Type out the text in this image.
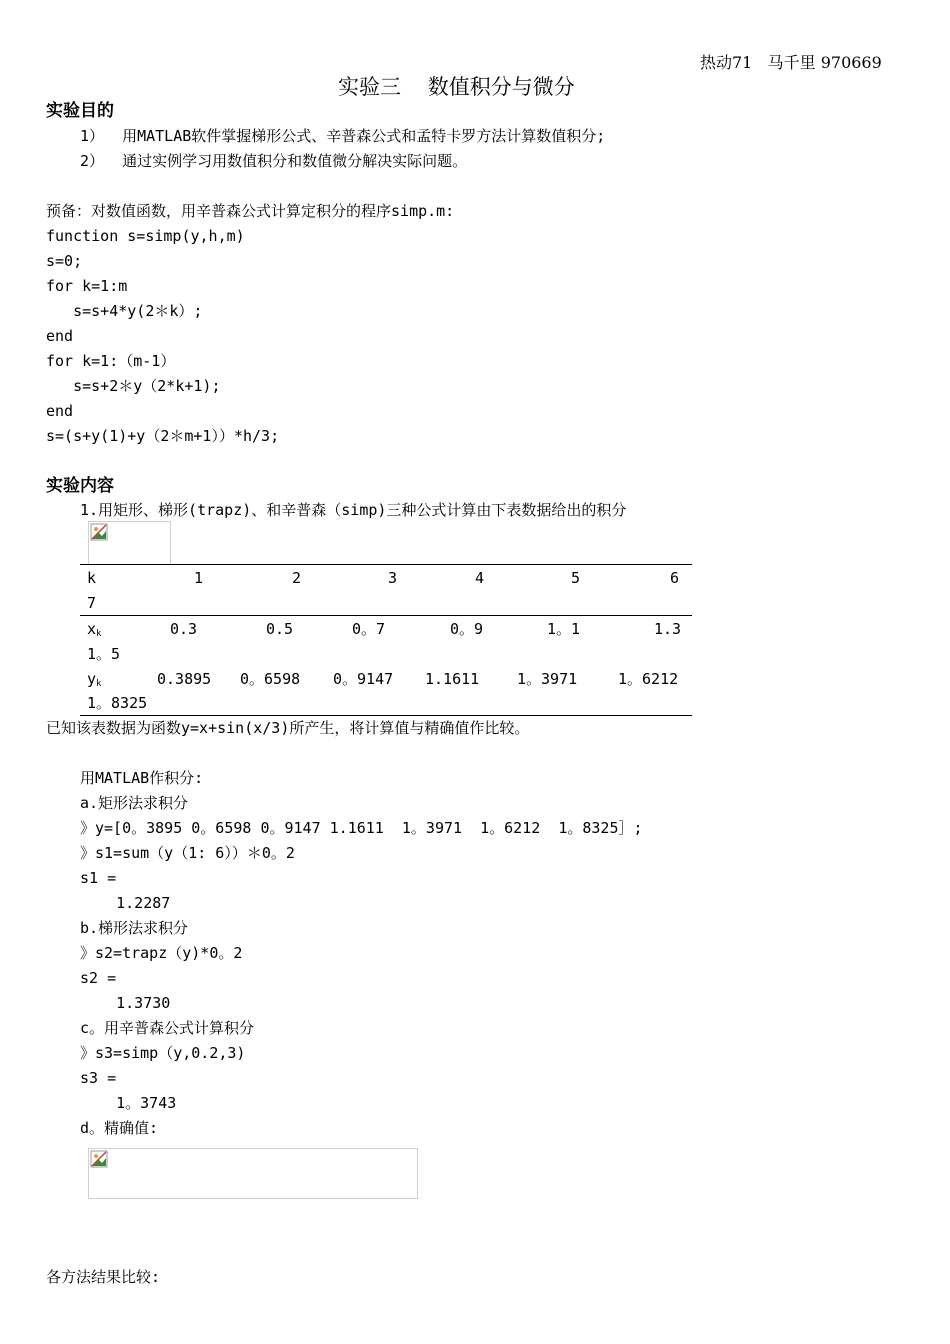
热动71   马千里 970669
实验三    数值积分与微分
实验目的
1）  用MATLAB软件掌握梯形公式、辛普森公式和孟特卡罗方法计算数值积分;
2）  通过实例学习用数值积分和数值微分解决实际问题。
预备：对数值函数，用辛普森公式计算定积分的程序simp.m:
function s=simp(y,h,m)
s=0;
for k=1:m
s=s+4*y(2＊k）;
end
for k=1:（m-1）
s=s+2＊y（2*k+1);
end
s=(s+y(1)+y（2＊m+1））*h/3;
实验内容
1.用矩形、梯形(trapz)、和辛普森（simp)三种公式计算由下表数据给出的积分
k	1	2	3	4	5	6
7
$x_k$	0.3	0.5	0。7	0。9	1。1	1.3
1。5
$y_k$	0.3895 0。6598 0。9147 1.1611	1。3971	1。6212
1。8325
已知该表数据为函数y=x+sin(x/3)所产生，将计算值与精确值作比较。
用MATLAB作积分:
a.矩形法求积分
》y=[0。3895 0。6598 0。9147 1.1611  1。3971  1。6212  1。8325］;
》s1=sum（y（1: 6））＊0。2
s1 =
1.2287
b.梯形法求积分
》s2=trapz（y)*0。2
s2 =
1.3730
c。用辛普森公式计算积分
》s3=simp（y,0.2,3)
s3 =
1。3743
d。精确值:
各方法结果比较:
